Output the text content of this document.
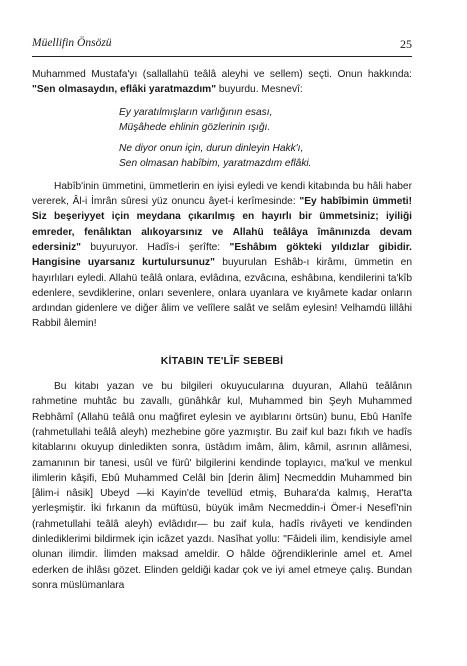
Müellifin Önsözü	25

Muhammed Mustafa'yı (sallallahü teâlâ aleyhi ve sellem) seçti. Onun hakkında: "Sen olmasaydın, eflâki yaratmazdım" buyurdu. Mesnevî:

Ey yaratılmışların varlığının esası,
Müşâhede ehlinin gözlerinin ışığı.
Ne diyor onun için, durun dinleyin Hakk'ı,
Sen olmasan habîbim, yaratmazdım eflâki.

Habîb'inin ümmetini, ümmetlerin en iyisi eyledi ve kendi kitabında bu hâli haber vererek, Âl-i İmrân sûresi yüz onuncu âyet-i kerîmesinde: "Ey habîbimin ümmeti! Siz beşeriyyet için meydana çıkarılmış en hayırlı bir ümmetsiniz; iyiliği emreder, fenâlıktan alıkoyarsınız ve Allahü teâlâya îmânınızda devam edersiniz" buyuruyor. Hadîs-i şerîfte: "Eshâbım gökteki yıldızlar gibidir. Hangisine uyarsanız kurtulursunuz" buyurulan Eshâb-ı kirâmı, ümmetin en hayırlıları eyledi. Allahü teâlâ onlara, evlâdına, ezvâcına, eshâbına, kendilerini ta'kîb edenlere, sevdiklerine, onları sevenlere, onlara uyanlara ve kıyâmete kadar onların ardından gidenlere ve diğer âlim ve velîlere salât ve selâm eylesin! Velhamdü lillâhi Rabbil âlemin!

KİTABIN TE'LÎF SEBEBİ

Bu kitabı yazan ve bu bilgileri okuyucularına duyuran, Allahü teâlânın rahmetine muhtâc bu zavallı, günâhkâr kul, Muhammed bin Şeyh Muhammed Rebhâmî (Allahü teâlâ onu mağfiret eylesin ve ayıblarını örtsün) bunu, Ebû Hanîfe (rahmetullahi teâlâ aleyh) mezhebine göre yazmıştır. Bu zaif kul bazı fıkıh ve hadîs kitablarını okuyup dinledikten sonra, üstâdım imâm, âlim, kâmil, asrının allâmesi, zamanının bir tanesi, usûl ve fürû' bilgilerini kendinde toplayıcı, ma'kul ve menkul ilimlerin kâşifi, Ebû Muhammed Celâl bin [derin âlim] Necmeddin Muhammed bin [âlim-i nâsik] Ubeyd —ki Kayin'de tevellüd etmiş, Buhara'da kalmış, Herat'ta yerleşmiştir. İki fırkanın da müftüsü, büyük imâm Necmeddin-i Ömer-i Nesefî'nin (rahmetullahi teâlâ aleyh) evlâdıdır— bu zaif kula, hadîs rivâyeti ve kendinden dinlediklerimi bildirmek için icâzet yazdı. Nasîhat yollu: "Fâideli ilim, kendisiyle amel olunan ilimdir. İlimden maksad ameldir. O hâlde öğrendiklerinle amel et. Amel ederken de ihlâsı gözet. Elinden geldiği kadar çok ve iyi amel etmeye çalış. Bundan sonra müslümanlara
